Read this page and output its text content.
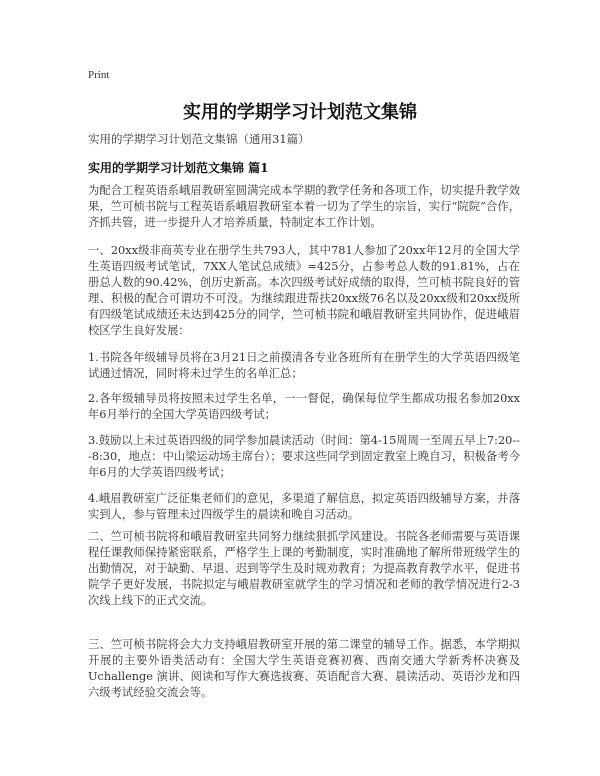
Print
实用的学期学习计划范文集锦
实用的学期学习计划范文集锦（通用31篇）
实用的学期学习计划范文集锦 篇1

为配合工程英语系峨眉教研室圆满完成本学期的教学任务和各项工作，切实提升教学效果，竺可桢书院与工程英语系峨眉教研室本着一切为了学生的宗旨，实行“院院”合作，齐抓共管，进一步提升人才培养质量，特制定本工作计划。

一、20xx级非商英专业在册学生共793人，其中781人参加了20xx年12月的全国大学生英语四级考试笔试，7XX人笔试总成绩》=425分，占参考总人数的91.81%，占在册总人数的90.42%，创历史新高。本次四级考试好成绩的取得，竺可桢书院良好的管理、积极的配合可谓功不可没。为继续跟进帮扶20xx级76名以及20xx级和20xx级所有四级笔试成绩还未达到425分的同学，竺可桢书院和峨眉教研室共同协作，促进峨眉校区学生良好发展：

1.书院各年级辅导员将在3月21日之前摸清各专业各班所有在册学生的大学英语四级笔试通过情况，同时将未过学生的名单汇总；

2.各年级辅导员将按照未过学生名单，一一督促，确保每位学生都成功报名参加20xx年6月举行的全国大学英语四级考试；

3.鼓励以上未过英语四级的同学参加晨读活动（时间：第4-15周周一至周五早上7:20---8:30，地点：中山梁运动场主席台）；要求这些同学到固定教室上晚自习，积极备考今年6月的大学英语四级考试；

4.峨眉教研室广泛征集老师们的意见，多渠道了解信息，拟定英语四级辅导方案，并落实到人，参与管理未过四级学生的晨读和晚自习活动。

二、竺可桢书院将和峨眉教研室共同努力继续狠抓学风建设。书院各老师需要与英语课程任课教师保持紧密联系，严格学生上课的考勤制度，实时准确地了解所带班级学生的出勤情况，对于缺勤、早退、迟到等学生及时规劝教育；为提高教育教学水平，促进书院学子更好发展，书院拟定与峨眉教研室就学生的学习情况和老师的教学情况进行2-3次线上线下的正式交流。

三、竺可桢书院将会大力支持峨眉教研室开展的第二课堂的辅导工作。据悉，本学期拟开展的主要外语类活动有：全国大学生英语竞赛初赛、西南交通大学新秀杯决赛及Uchallenge 演讲、阅读和写作大赛选拔赛、英语配音大赛、晨读活动、英语沙龙和四六级考试经验交流会等。
